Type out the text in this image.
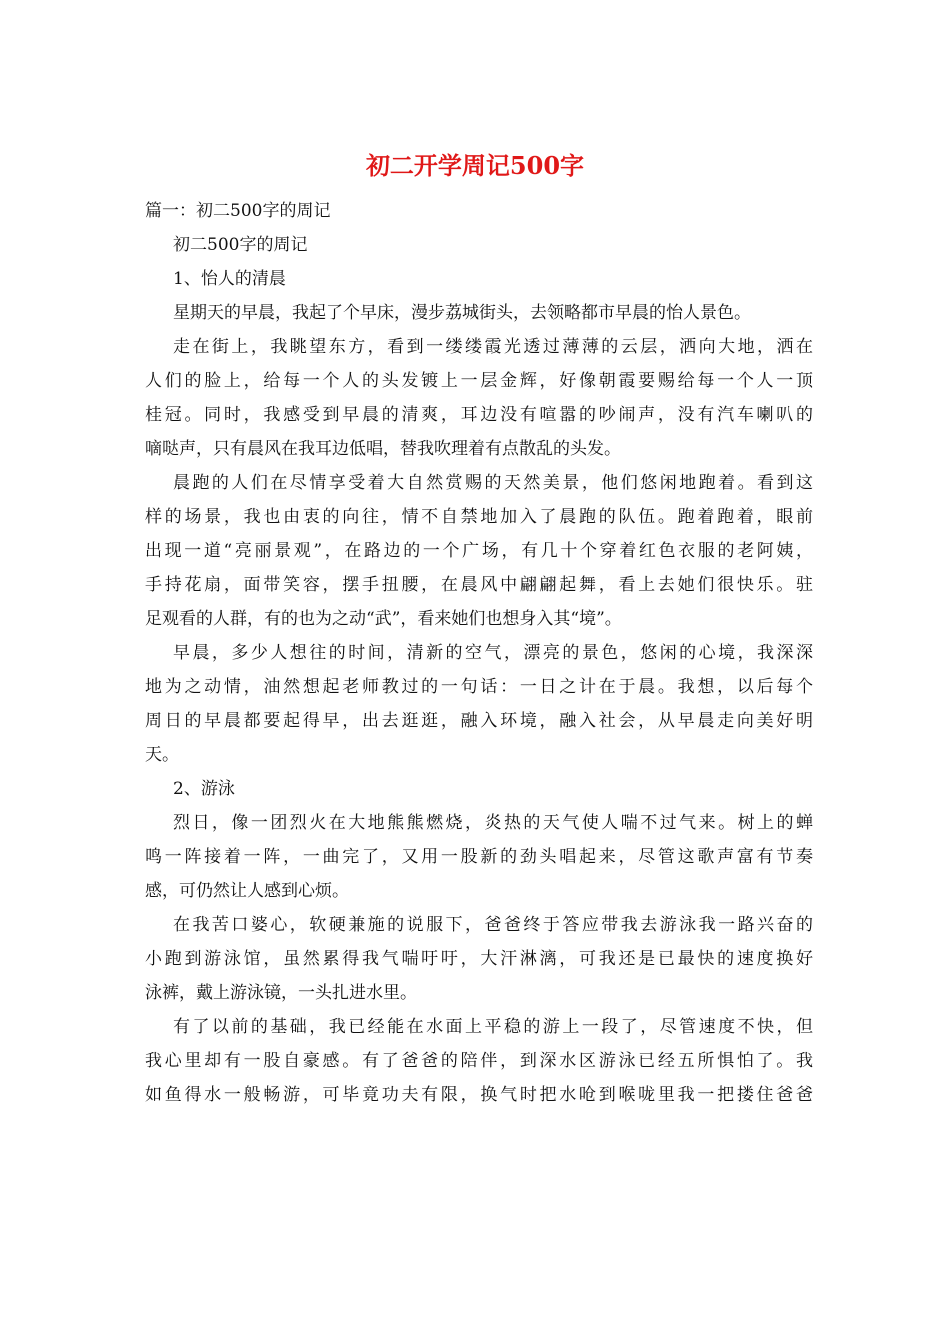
初二开学周记500字

篇一：初二500字的周记

初二500字的周记

1、怡人的清晨

星期天的早晨，我起了个早床，漫步荔城街头，去领略都市早晨的怡人景色。

走在街上，我眺望东方，看到一缕缕霞光透过薄薄的云层，洒向大地，洒在

人们的脸上，给每一个人的头发镀上一层金辉，好像朝霞要赐给每一个人一顶

桂冠。同时，我感受到早晨的清爽，耳边没有喧嚣的吵闹声，没有汽车喇叭的

嘀哒声，只有晨风在我耳边低唱，替我吹理着有点散乱的头发。

晨跑的人们在尽情享受着大自然赏赐的天然美景，他们悠闲地跑着。看到这

样的场景，我也由衷的向往，情不自禁地加入了晨跑的队伍。跑着跑着，眼前

出现一道“亮丽景观”，在路边的一个广场，有几十个穿着红色衣服的老阿姨，

手持花扇，面带笑容，摆手扭腰，在晨风中翩翩起舞，看上去她们很快乐。驻

足观看的人群，有的也为之动“武”，看来她们也想身入其“境”。

早晨，多少人想往的时间，清新的空气，漂亮的景色，悠闲的心境，我深深

地为之动情，油然想起老师教过的一句话：一日之计在于晨。我想，以后每个

周日的早晨都要起得早，出去逛逛，融入环境，融入社会，从早晨走向美好明

天。

2、游泳

烈日，像一团烈火在大地熊熊燃烧，炎热的天气使人喘不过气来。树上的蝉

鸣一阵接着一阵，一曲完了，又用一股新的劲头唱起来，尽管这歌声富有节奏

感，可仍然让人感到心烦。

在我苦口婆心，软硬兼施的说服下，爸爸终于答应带我去游泳我一路兴奋的

小跑到游泳馆，虽然累得我气喘吁吁，大汗淋漓，可我还是已最快的速度换好

泳裤，戴上游泳镜，一头扎进水里。

有了以前的基础，我已经能在水面上平稳的游上一段了，尽管速度不快，但

我心里却有一股自豪感。有了爸爸的陪伴，到深水区游泳已经五所惧怕了。我

如鱼得水一般畅游，可毕竟功夫有限，换气时把水呛到喉咙里我一把搂住爸爸
